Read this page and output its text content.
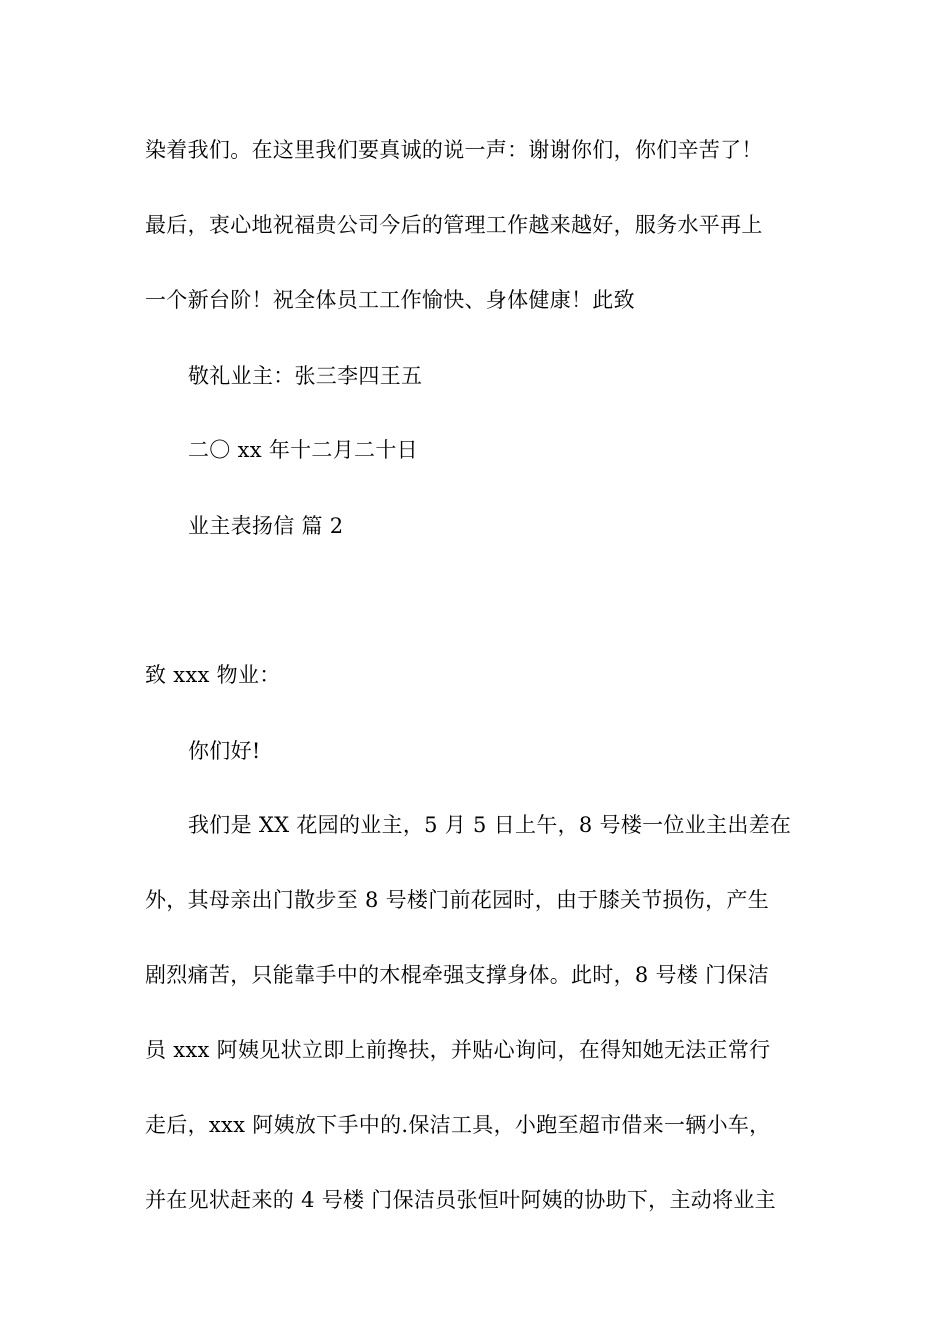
染着我们。在这里我们要真诚的说一声：谢谢你们，你们辛苦了！
最后，衷心地祝福贵公司今后的管理工作越来越好，服务水平再上
一个新台阶！祝全体员工工作愉快、身体健康！此致
敬礼业主：张三李四王五
二〇 xx 年十二月二十日
业主表扬信 篇 2
致 xxx 物业：
你们好!
我们是 XX 花园的业主，5 月 5 日上午，8 号楼一位业主出差在
外，其母亲出门散步至 8 号楼门前花园时，由于膝关节损伤，产生
剧烈痛苦，只能靠手中的木棍牵强支撑身体。此时，8 号楼 门保洁
员 xxx 阿姨见状立即上前搀扶，并贴心询问，在得知她无法正常行
走后，xxx 阿姨放下手中的.保洁工具，小跑至超市借来一辆小车，
并在见状赶来的 4 号楼 门保洁员张恒叶阿姨的协助下，主动将业主
